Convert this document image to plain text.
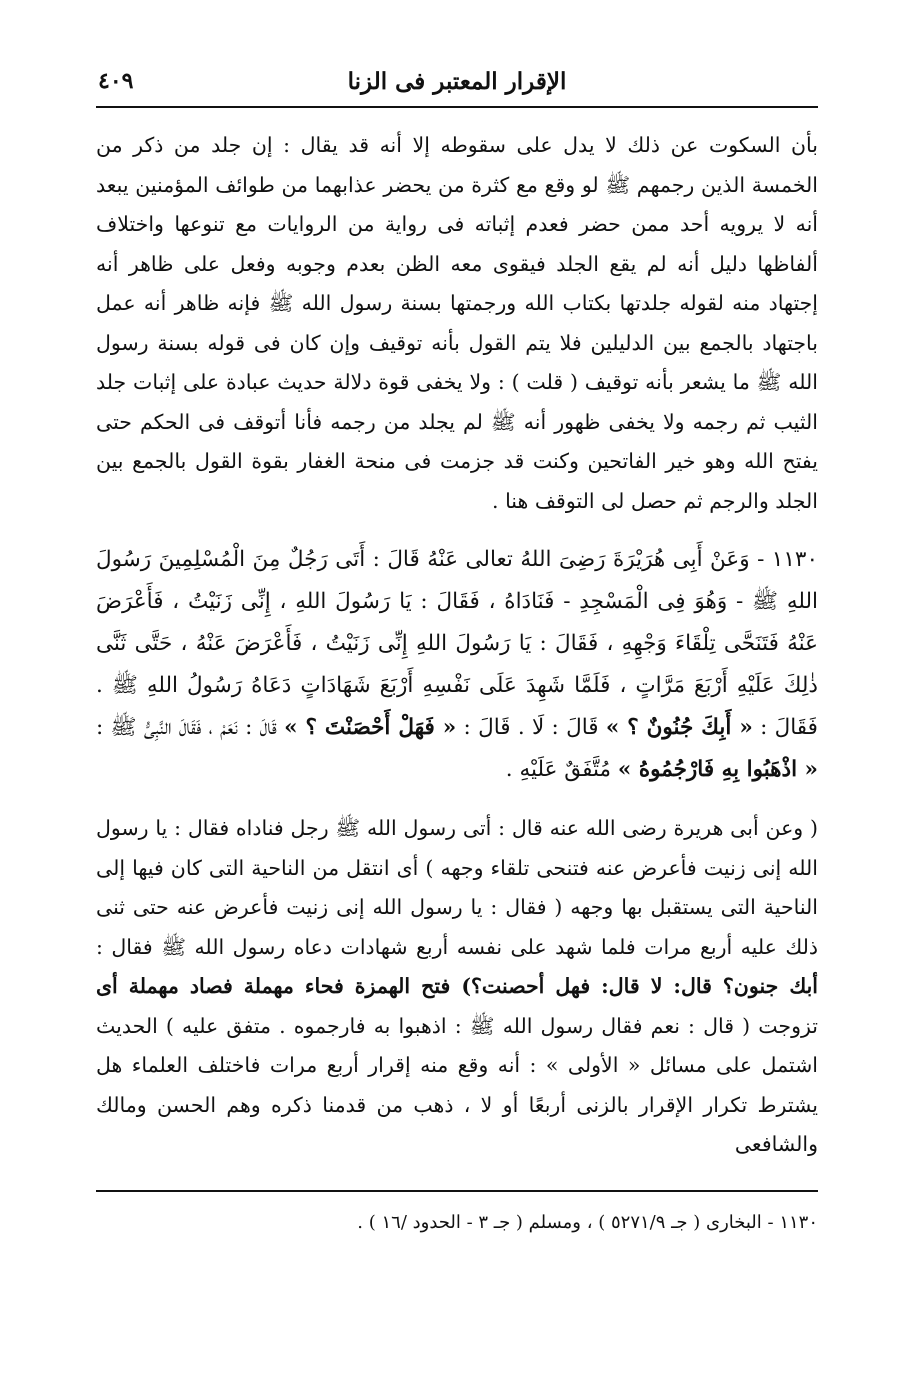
الإقرار المعتبر فى الزنا
٤٠٩

بأن السكوت عن ذلك لا يدل على سقوطه إلا أنه قد يقال : إن جلد من ذكر من الخمسة الذين رجمهم ﷺ لو وقع مع كثرة من يحضر عذابهما من طوائف المؤمنين يبعد أنه لا يرويه أحد ممن حضر فعدم إثباته فى رواية من الروايات مع تنوعها واختلاف ألفاظها دليل أنه لم يقع الجلد فيقوى معه الظن بعدم وجوبه وفعل على ظاهر أنه إجتهاد منه لقوله جلدتها بكتاب الله ورجمتها بسنة رسول الله ﷺ فإنه ظاهر أنه عمل باجتهاد بالجمع بين الدليلين فلا يتم القول بأنه توقيف وإن كان فى قوله بسنة رسول الله ﷺ ما يشعر بأنه توقيف ( قلت ) : ولا يخفى قوة دلالة حديث عبادة على إثبات جلد الثيب ثم رجمه ولا يخفى ظهور أنه ﷺ لم يجلد من رجمه فأنا أتوقف فى الحكم حتى يفتح الله وهو خير الفاتحين وكنت قد جزمت فى منحة الغفار بقوة القول بالجمع بين الجلد والرجم ثم حصل لى التوقف هنا .

١١٣٠ - وَعَنْ أَبِى هُرَيْرَةَ رَضِىَ اللهُ تعالى عَنْهُ قَالَ : أَتَى رَجُلٌ مِنَ الْمُسْلِمِينَ رَسُولَ اللهِ ﷺ - وَهُوَ فِى الْمَسْجِدِ - فَنَادَاهُ ، فَقَالَ : يَا رَسُولَ اللهِ ، إِنِّى زَنَيْتُ ، فَأَعْرَضَ عَنْهُ فَتَنَحَّى تِلْقَاءَ وَجْهِهِ ، فَقَالَ : يَا رَسُولَ اللهِ إِنِّى زَنَيْتُ ، فَأَعْرَضَ عَنْهُ ، حَتَّى ثَنَّى ذٰلِكَ عَلَيْهِ أَرْبَعَ مَرَّاتٍ ، فَلَمَّا شَهِدَ عَلَى نَفْسِهِ أَرْبَعَ شَهَادَاتٍ دَعَاهُ رَسُولُ اللهِ ﷺ . فَقَالَ : « أَبِكَ جُنُونٌ ؟ » قَالَ : لَا . قَالَ : « فَهَلْ أَحْصَنْتَ ؟ » قَالَ : نَعَمْ ، فَقَالَ النَّبِىُّ ﷺ : « اذْهَبُوا بِهِ فَارْجُمُوهُ » مُتَّفَقٌ عَلَيْهِ .

( وعن أبى هريرة رضى الله عنه قال : أتى رسول الله ﷺ رجل فناداه فقال : يا رسول الله إنى زنيت فأعرض عنه فتنحى تلقاء وجهه ) أى انتقل من الناحية التى كان فيها إلى الناحية التى يستقبل بها وجهه ( فقال : يا رسول الله إنى زنيت فأعرض عنه حتى ثنى ذلك عليه أربع مرات فلما شهد على نفسه أربع شهادات دعاه رسول الله ﷺ فقال : أبك جنون؟ قال: لا قال: فهل أحصنت؟) فتح الهمزة فحاء مهملة فصاد مهملة أى تزوجت ( قال : نعم فقال رسول الله ﷺ : اذهبوا به فارجموه . متفق عليه ) الحديث اشتمل على مسائل « الأولى » : أنه وقع منه إقرار أربع مرات فاختلف العلماء هل يشترط تكرار الإقرار بالزنى أربعًا أو لا ، ذهب من قدمنا ذكره وهم الحسن ومالك والشافعى

١١٣٠ - البخارى ( جـ ٥٢٧١/٩ ) ، ومسلم ( جـ ٣ - الحدود /١٦ ) .
